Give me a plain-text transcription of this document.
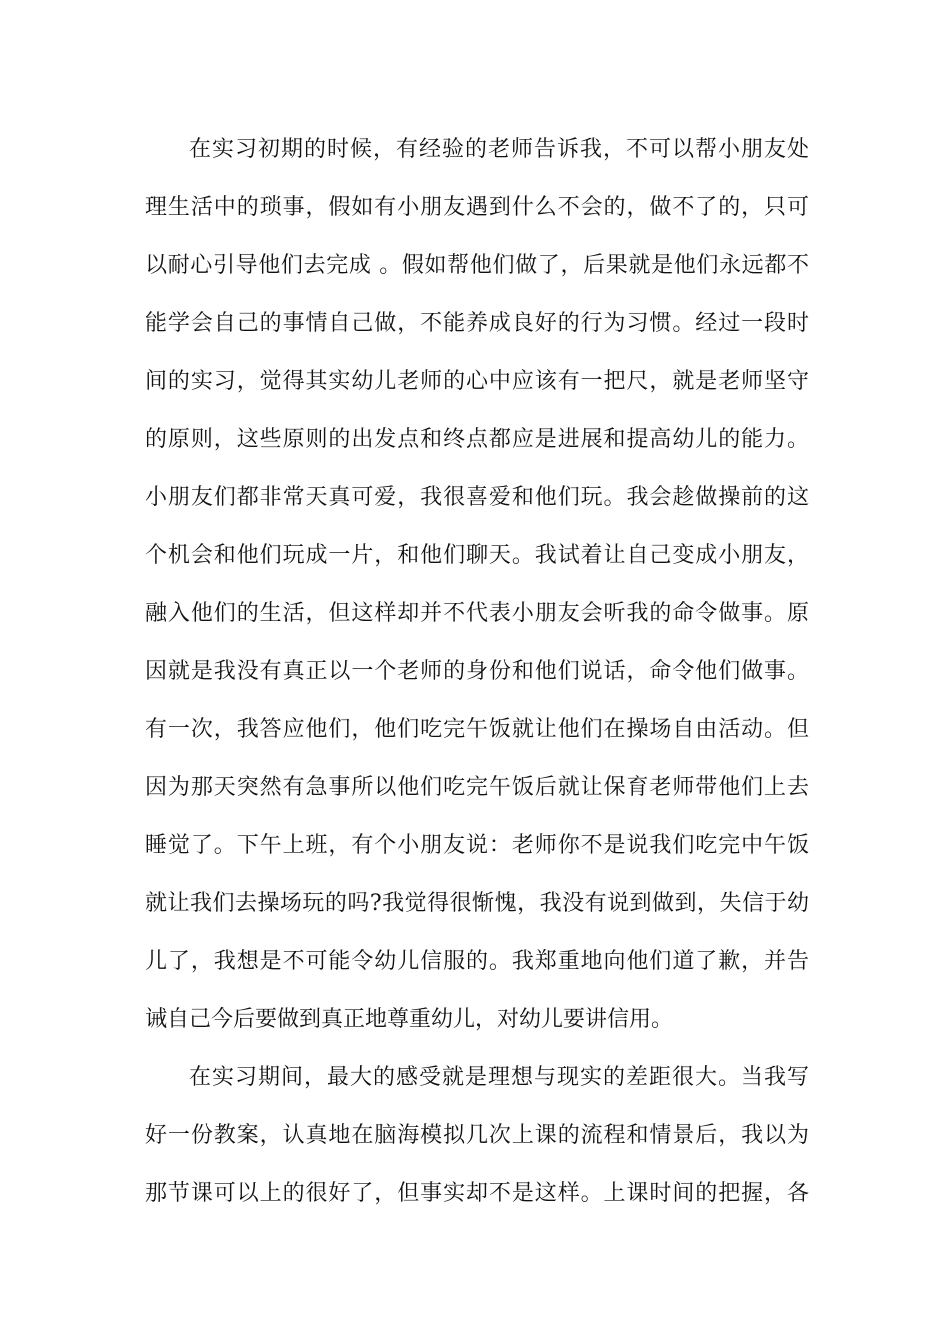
在实习初期的时候，有经验的老师告诉我，不可以帮小朋友处
理生活中的琐事，假如有小朋友遇到什么不会的，做不了的，只可
以耐心引导他们去完成 。假如帮他们做了，后果就是他们永远都不
能学会自己的事情自己做，不能养成良好的行为习惯。经过一段时
间的实习，觉得其实幼儿老师的心中应该有一把尺，就是老师坚守
的原则，这些原则的出发点和终点都应是进展和提高幼儿的能力。
小朋友们都非常天真可爱，我很喜爱和他们玩。我会趁做操前的这
个机会和他们玩成一片，和他们聊天。我试着让自己变成小朋友，
融入他们的生活，但这样却并不代表小朋友会听我的命令做事。原
因就是我没有真正以一个老师的身份和他们说话，命令他们做事。
有一次，我答应他们，他们吃完午饭就让他们在操场自由活动。但
因为那天突然有急事所以他们吃完午饭后就让保育老师带他们上去
睡觉了。下午上班，有个小朋友说：老师你不是说我们吃完中午饭
就让我们去操场玩的吗?我觉得很惭愧，我没有说到做到，失信于幼
儿了，我想是不可能令幼儿信服的。我郑重地向他们道了歉，并告
诫自己今后要做到真正地尊重幼儿，对幼儿要讲信用。
在实习期间，最大的感受就是理想与现实的差距很大。当我写
好一份教案，认真地在脑海模拟几次上课的流程和情景后，我以为
那节课可以上的很好了，但事实却不是这样。上课时间的把握，各
